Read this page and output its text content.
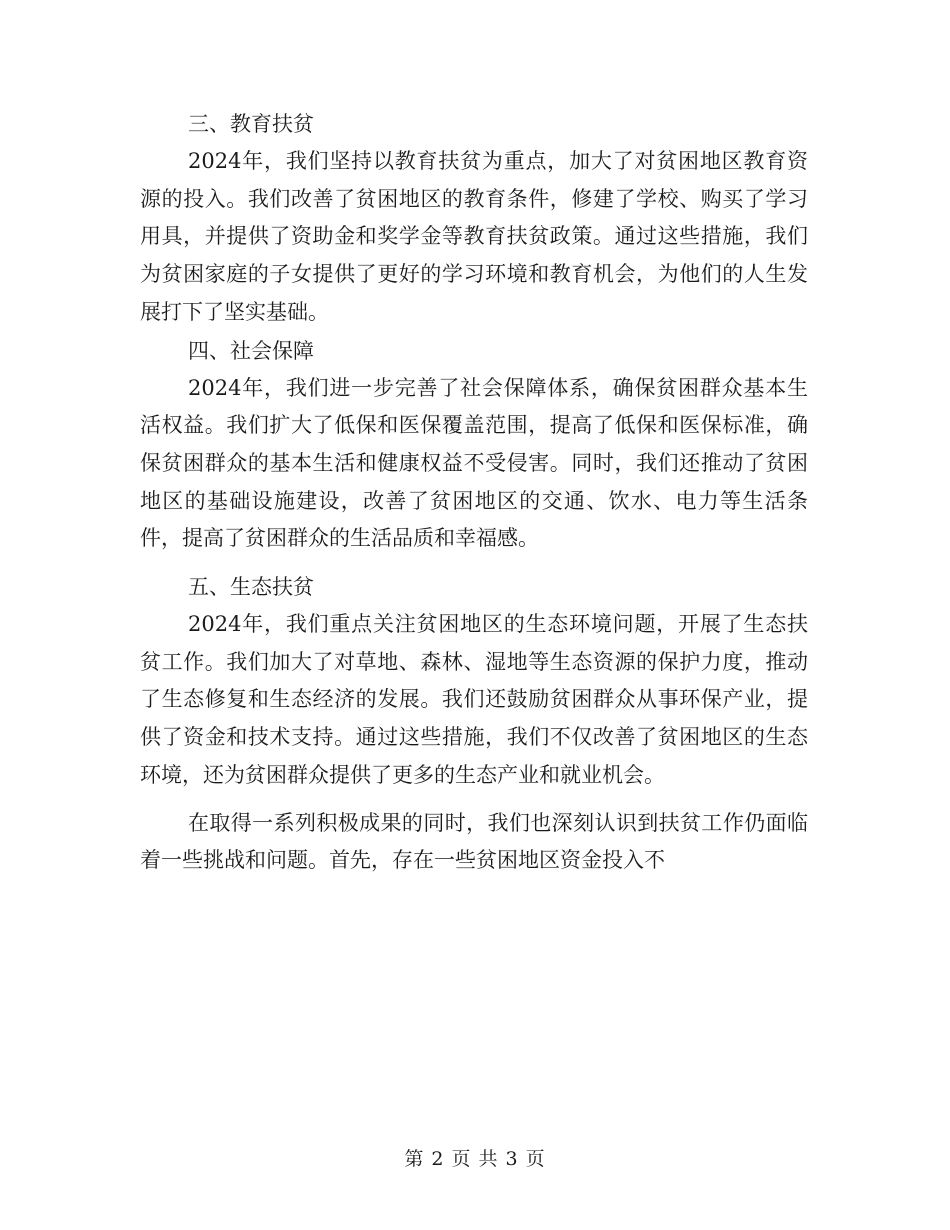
三、教育扶贫

2024年，我们坚持以教育扶贫为重点，加大了对贫困地区教育资源的投入。我们改善了贫困地区的教育条件，修建了学校、购买了学习用具，并提供了资助金和奖学金等教育扶贫政策。通过这些措施，我们为贫困家庭的子女提供了更好的学习环境和教育机会，为他们的人生发展打下了坚实基础。

四、社会保障

2024年，我们进一步完善了社会保障体系，确保贫困群众基本生活权益。我们扩大了低保和医保覆盖范围，提高了低保和医保标准，确保贫困群众的基本生活和健康权益不受侵害。同时，我们还推动了贫困地区的基础设施建设，改善了贫困地区的交通、饮水、电力等生活条件，提高了贫困群众的生活品质和幸福感。

五、生态扶贫

2024年，我们重点关注贫困地区的生态环境问题，开展了生态扶贫工作。我们加大了对草地、森林、湿地等生态资源的保护力度，推动了生态修复和生态经济的发展。我们还鼓励贫困群众从事环保产业，提供了资金和技术支持。通过这些措施，我们不仅改善了贫困地区的生态环境，还为贫困群众提供了更多的生态产业和就业机会。

在取得一系列积极成果的同时，我们也深刻认识到扶贫工作仍面临着一些挑战和问题。首先，存在一些贫困地区资金投入不

第 2 页 共 3 页
